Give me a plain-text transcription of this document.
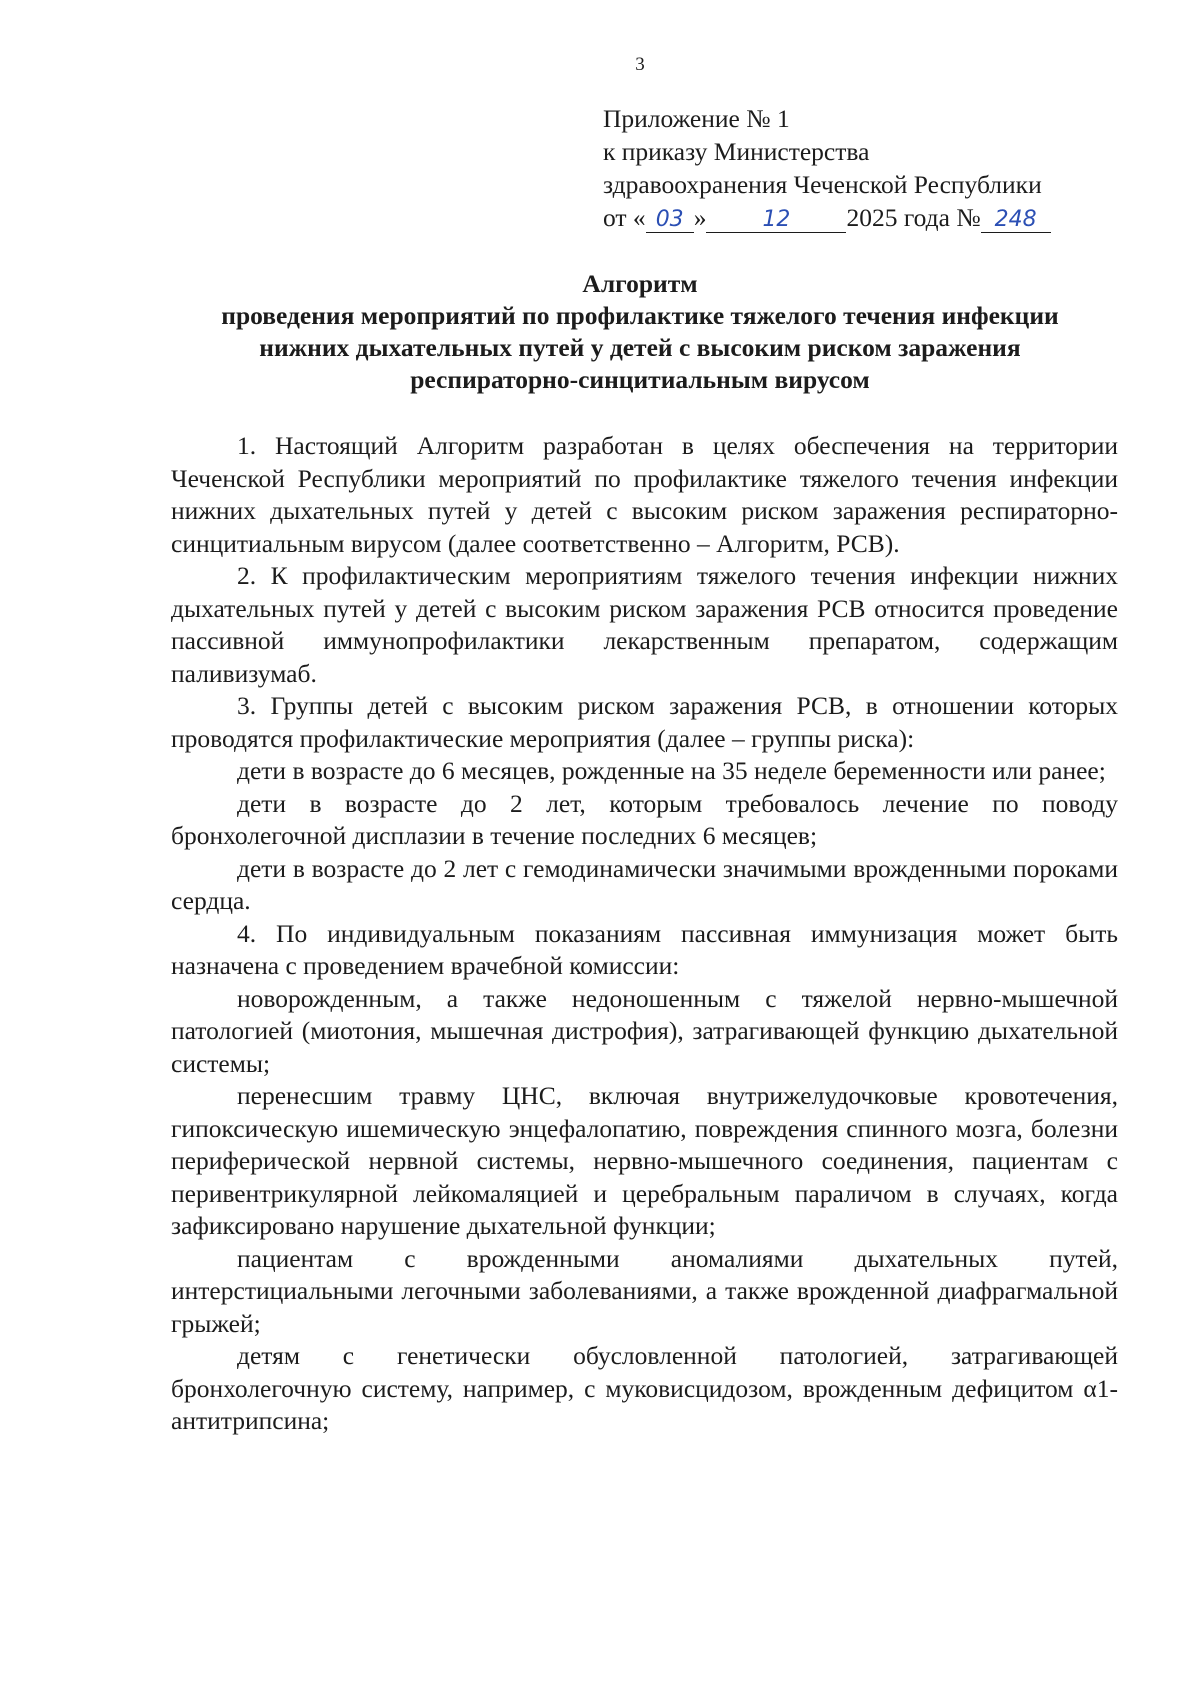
3
Приложение № 1
к приказу Министерства
здравоохранения Чеченской Республики
от « 03 »	12 2025 года № 248
Алгоритм
проведения мероприятий по профилактике тяжелого течения инфекции
нижних дыхательных путей у детей с высоким риском заражения
респираторно-синцитиальным вирусом

1. Настоящий Алгоритм разработан в целях обеспечения на территории Чеченской Республики мероприятий по профилактике тяжелого течения инфекции нижних дыхательных путей у детей с высоким риском заражения респираторно-синцитиальным вирусом (далее соответственно – Алгоритм, РСВ).

2. К профилактическим мероприятиям тяжелого течения инфекции нижних дыхательных путей у детей с высоким риском заражения РСВ относится проведение пассивной иммунопрофилактики лекарственным препаратом, содержащим паливизумаб.

3. Группы детей с высоким риском заражения РСВ, в отношении которых проводятся профилактические мероприятия (далее – группы риска):

дети в возрасте до 6 месяцев, рожденные на 35 неделе беременности или ранее;

дети в возрасте до 2 лет, которым требовалось лечение по поводу бронхолегочной дисплазии в течение последних 6 месяцев;

дети в возрасте до 2 лет с гемодинамически значимыми врожденными пороками сердца.

4. По индивидуальным показаниям пассивная иммунизация может быть назначена с проведением врачебной комиссии:

новорожденным, а также недоношенным с тяжелой нервно-мышечной патологией (миотония, мышечная дистрофия), затрагивающей функцию дыхательной системы;

перенесшим травму ЦНС, включая внутрижелудочковые кровотечения, гипоксическую ишемическую энцефалопатию, повреждения спинного мозга, болезни периферической нервной системы, нервно-мышечного соединения, пациентам с перивентрикулярной лейкомаляцией и церебральным параличом в случаях, когда зафиксировано нарушение дыхательной функции;

пациентам с врожденными аномалиями дыхательных путей, интерстициальными легочными заболеваниями, а также врожденной диафрагмальной грыжей;

детям с генетически обусловленной патологией, затрагивающей бронхолегочную систему, например, с муковисцидозом, врожденным дефицитом α1-антитрипсина;
